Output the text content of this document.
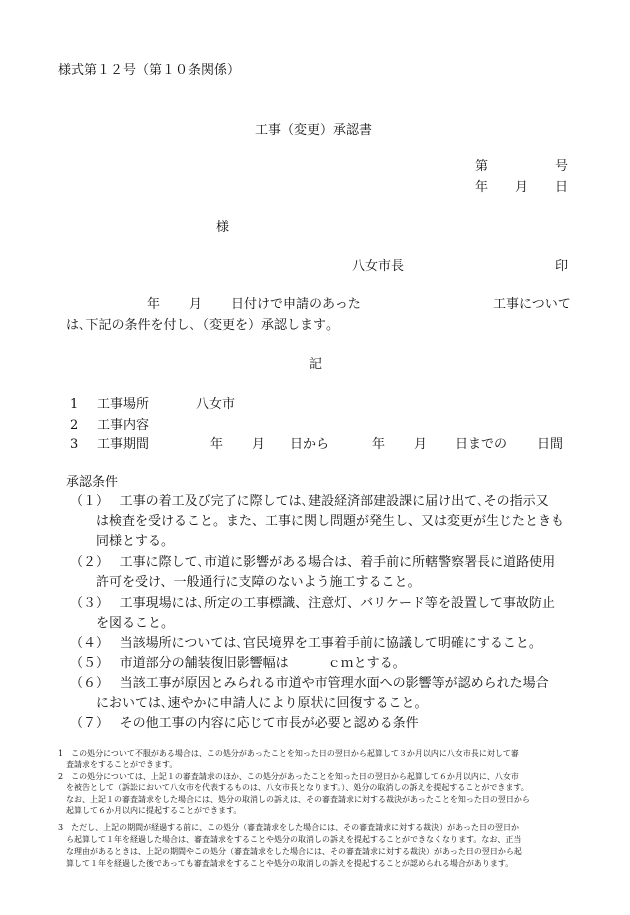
様式第１２号（第１０条関係）
工事（変更）承認書
第	号
年 月 日
様
八女市長	印
年 月 日付けで申請のあった	工事について
は､下記の条件を付し､（変更を）承認します｡
記
1 工事場所	八女市
2 工事内容
3 工事期間	年 月 日から	年 月 日までの 日間
承認条件
（１）　 工事の着工及び完了に際しては､建設経済部建設課に届け出て､その指示又
　　は検査を受けること。また、工事に関し問題が発生し、又は変更が生じたときも
　　同様とする。
（２）　 工事に際して､市道に影響がある場合は、着手前に所轄警察署長に道路使用
　　許可を受け、一般通行に支障のないよう施工すること。
（３）　 工事現場には､所定の工事標識、注意灯、バリケード等を設置して事故防止
　　を図ること。
（４）　 当該場所については､官民境界を工事着手前に協議して明確にすること。
（５）　 市道部分の舗装復旧影響幅は　　　ｃｍとする。
（６）　 当該工事が原因とみられる市道や市管理水面への影響等が認められた場合
　　においては､速やかに申請人により原状に回復すること。
（７）　 その他工事の内容に応じて市長が必要と認める条件
1　この処分について不服がある場合は、この処分があったことを知った日の翌日から起算して３か月以内に八女市長に対して審
　査請求をすることができます。
2　この処分については、上記１の審査請求のほか、この処分があったことを知った日の翌日から起算して６か月以内に、八女市
　を被告として（訴訟において八女市を代表するものは、八女市長となります。）、処分の取消しの訴えを提起することができます。
　なお、上記１の審査請求をした場合には、処分の取消しの訴えは、その審査請求に対する裁決があったことを知った日の翌日から
　起算して６か月以内に提起することができます。
3　ただし、上記の期間が経過する前に、この処分（審査請求をした場合には、その審査請求に対する裁決）があった日の翌日か
　ら起算して１年を経過した場合は、審査請求をすることや処分の取消しの訴えを提起することができなくなります。なお、正当
　な理由があるときは、上記の期間やこの処分（審査請求をした場合には、その審査請求に対する裁決）があった日の翌日から起
　算して１年を経過した後であっても審査請求をすることや処分の取消しの訴えを提起することが認められる場合があります。
